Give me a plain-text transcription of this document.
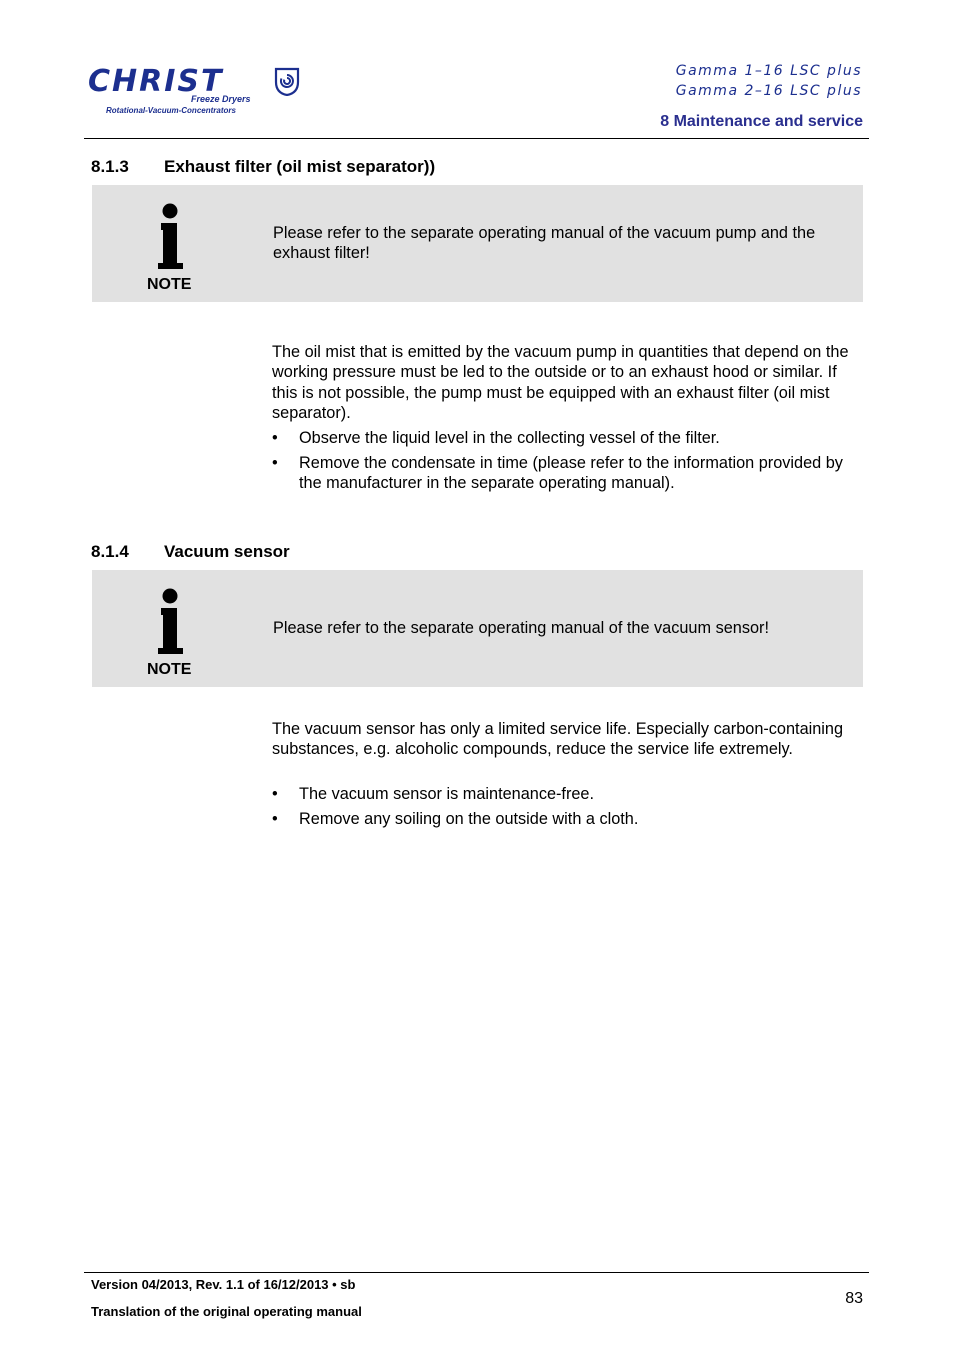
CHRIST
Freeze Dryers
Rotational-Vacuum-Concentrators
Gamma 1–16 LSC plus
Gamma 2–16 LSC plus
8 Maintenance and service
8.1.3 Exhaust filter (oil mist separator))
NOTE
Please refer to the separate operating manual of the vacuum pump and the exhaust filter!
The oil mist that is emitted by the vacuum pump in quantities that depend on the working pressure must be led to the outside or to an exhaust hood or similar. If this is not possible, the pump must be equipped with an exhaust filter (oil mist separator).
• Observe the liquid level in the collecting vessel of the filter.
• Remove the condensate in time (please refer to the information provided by the manufacturer in the separate operating manual).
8.1.4 Vacuum sensor
NOTE
Please refer to the separate operating manual of the vacuum sensor!
The vacuum sensor has only a limited service life. Especially carbon-containing substances, e.g. alcoholic compounds, reduce the service life extremely.
• The vacuum sensor is maintenance-free.
• Remove any soiling on the outside with a cloth.
Version 04/2013, Rev. 1.1 of 16/12/2013 • sb
Translation of the original operating manual
83
